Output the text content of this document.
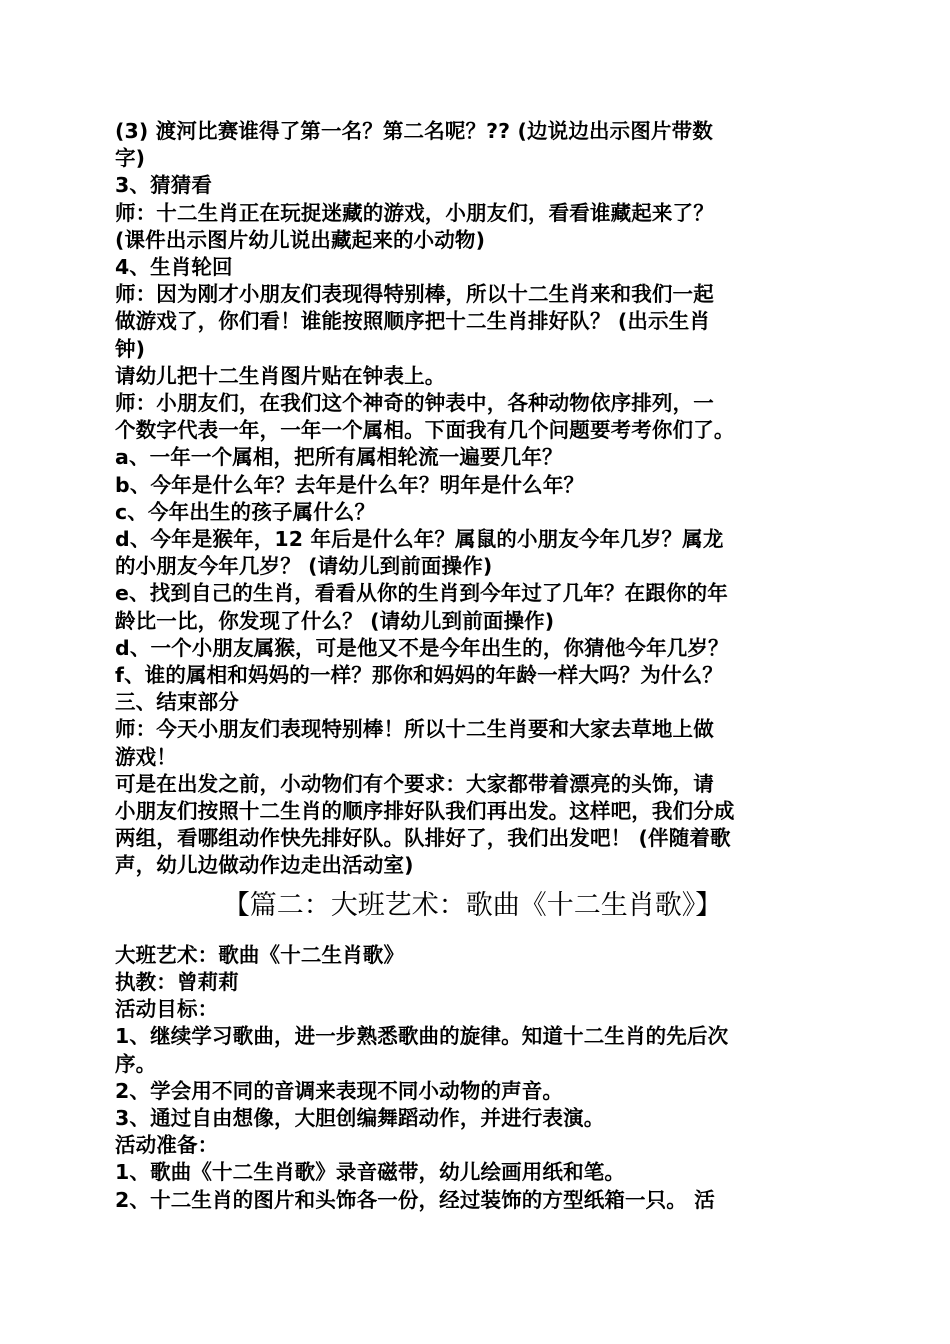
(3) 渡河比赛谁得了第一名？第二名呢？?? (边说边出示图片带数
字)
3、猜猜看
师：十二生肖正在玩捉迷藏的游戏，小朋友们，看看谁藏起来了？
(课件出示图片幼儿说出藏起来的小动物)
4、生肖轮回
师：因为刚才小朋友们表现得特别棒，所以十二生肖来和我们一起
做游戏了，你们看！谁能按照顺序把十二生肖排好队？ (出示生肖
钟)
请幼儿把十二生肖图片贴在钟表上。
师：小朋友们，在我们这个神奇的钟表中，各种动物依序排列，一
个数字代表一年，一年一个属相。下面我有几个问题要考考你们了。
a、一年一个属相，把所有属相轮流一遍要几年？
b、今年是什么年？去年是什么年？明年是什么年？
c、今年出生的孩子属什么？
d、今年是猴年，12 年后是什么年？属鼠的小朋友今年几岁？属龙
的小朋友今年几岁？ (请幼儿到前面操作)
e、找到自己的生肖，看看从你的生肖到今年过了几年？在跟你的年
龄比一比，你发现了什么？ (请幼儿到前面操作)
d、一个小朋友属猴，可是他又不是今年出生的，你猜他今年几岁？
f、谁的属相和妈妈的一样？那你和妈妈的年龄一样大吗？为什么？
三、结束部分
师：今天小朋友们表现特别棒！所以十二生肖要和大家去草地上做
游戏！
可是在出发之前，小动物们有个要求：大家都带着漂亮的头饰，请
小朋友们按照十二生肖的顺序排好队我们再出发。这样吧，我们分成
两组，看哪组动作快先排好队。队排好了，我们出发吧！ (伴随着歌
声，幼儿边做动作边走出活动室)
【篇二：大班艺术：歌曲《十二生肖歌》】
大班艺术：歌曲《十二生肖歌》
执教：曾莉莉
活动目标：
1、继续学习歌曲，进一步熟悉歌曲的旋律。知道十二生肖的先后次
序。
2、学会用不同的音调来表现不同小动物的声音。
3、通过自由想像，大胆创编舞蹈动作，并进行表演。
活动准备：
1、歌曲《十二生肖歌》录音磁带，幼儿绘画用纸和笔。
2、十二生肖的图片和头饰各一份，经过装饰的方型纸箱一只。 活
